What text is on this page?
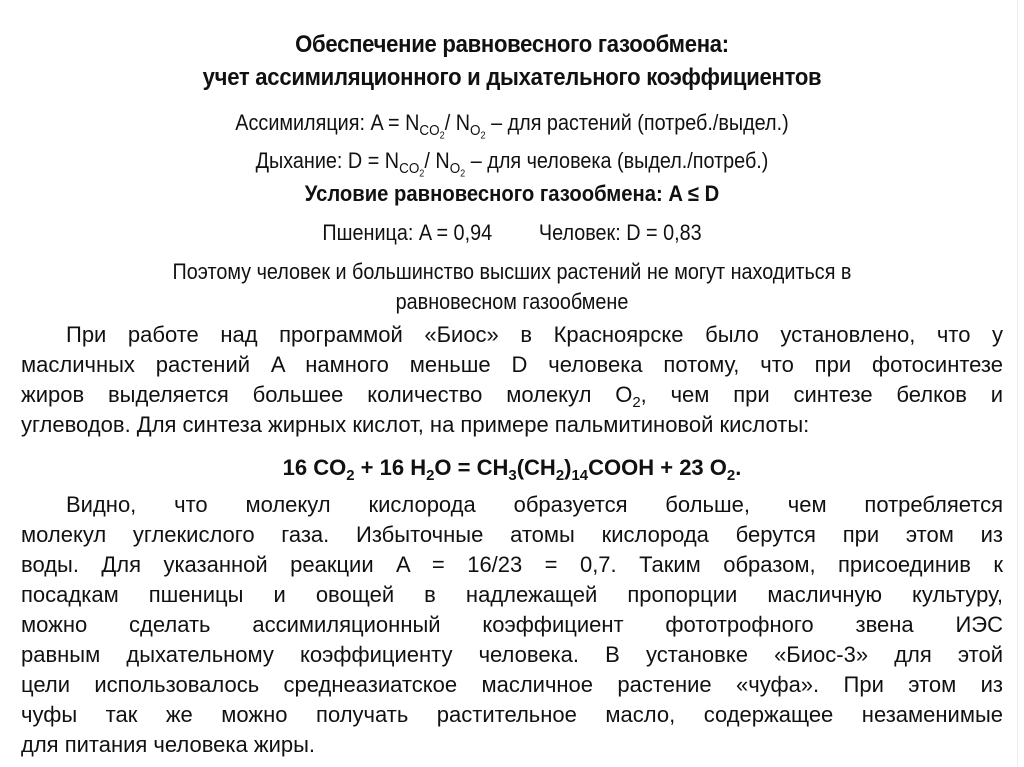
Обеспечение равновесного газообмена:
учет ассимиляционного и дыхательного коэффициентов
Ассимиляция: $A = N_{CO_2}/$ $N_{O_2}$ – для растений (потреб./выдел.)
Дыхание: $D = N_{CO_2}/$ $N_{O_2}$ – для человека (выдел./потреб.)
Условие равновесного газообмена: A ≤ D
Пшеница: A = 0,94 Человек: D = 0,83
Поэтому человек и большинство высших растений не могут находиться в
равновесном газообмене
При работе над программой «Биос» в Красноярске было установлено, что у
масличных растений A намного меньше D человека потому, что при фотосинтезе
жиров выделяется большее количество молекул $O_2$, чем при синтезе белков и
углеводов. Для синтеза жирных кислот, на примере пальмитиновой кислоты:
16 $CO_2 + 16$ $H_2O$ = $CH_3(CH_2)_{14}COOH + 23$ $O_2$.
Видно, что молекул кислорода образуется больше, чем потребляется
молекул углекислого газа. Избыточные атомы кислорода берутся при этом из
воды. Для указанной реакции A = 16/23 = 0,7. Таким образом, присоединив к
посадкам пшеницы и овощей в надлежащей пропорции масличную культуру,
можно сделать ассимиляционный коэффициент фототрофного звена ИЭС
равным дыхательному коэффициенту человека. В установке «Биос-3» для этой
цели использовалось среднеазиатское масличное растение «чуфа». При этом из
чуфы так же можно получать растительное масло, содержащее незаменимые
для питания человека жиры.
